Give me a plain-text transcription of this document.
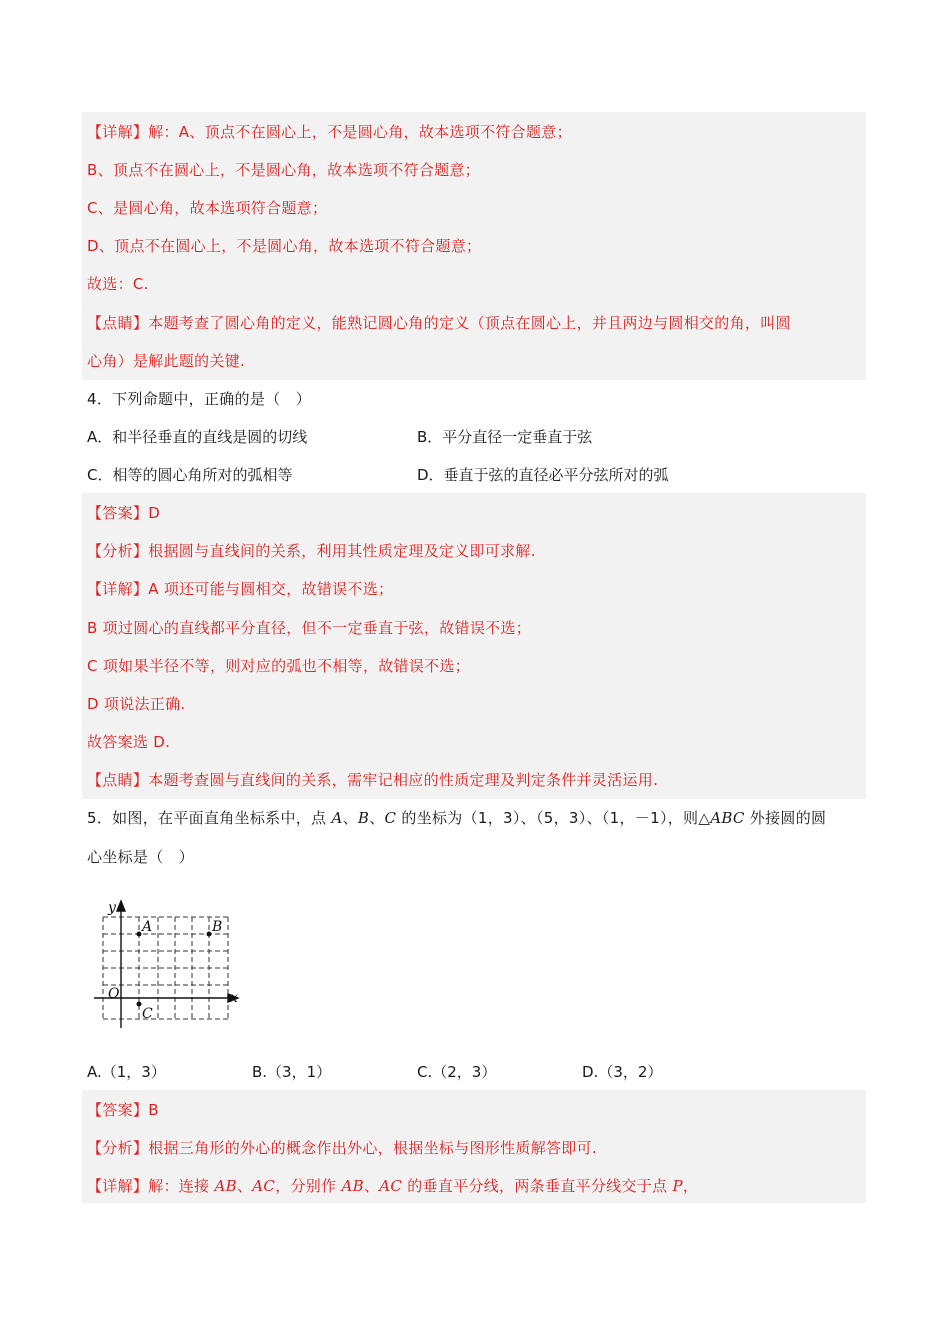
【详解】解：A、顶点不在圆心上，不是圆心角，故本选项不符合题意；
B、顶点不在圆心上，不是圆心角，故本选项不符合题意；
C、是圆心角，故本选项符合题意；
D、顶点不在圆心上，不是圆心角，故本选项不符合题意；
故选：C.
【点睛】本题考查了圆心角的定义，能熟记圆心角的定义（顶点在圆心上，并且两边与圆相交的角，叫圆
心角）是解此题的关键.
4．下列命题中，正确的是（　）
A．和半径垂直的直线是圆的切线	B．平分直径一定垂直于弦
C．相等的圆心角所对的弧相等	D．垂直于弦的直径必平分弦所对的弧
【答案】D
【分析】根据圆与直线间的关系，利用其性质定理及定义即可求解.
【详解】A 项还可能与圆相交，故错误不选；
B 项过圆心的直线都平分直径，但不一定垂直于弦，故错误不选；
C 项如果半径不等，则对应的弧也不相等，故错误不选；
D 项说法正确.
故答案选 D.
【点睛】本题考查圆与直线间的关系，需牢记相应的性质定理及判定条件并灵活运用.
5．如图，在平面直角坐标系中，点 A、B、C 的坐标为（1，3）、（5，3）、（1，－1），则△ABC 外接圆的圆
心坐标是（　）
y
x
O
A	B
C
A.（1，3）	B.（3，1）	C.（2，3）	D.（3，2）
【答案】B
【分析】根据三角形的外心的概念作出外心，根据坐标与图形性质解答即可.
【详解】解：连接 AB、AC，分别作 AB、AC 的垂直平分线，两条垂直平分线交于点 P，
